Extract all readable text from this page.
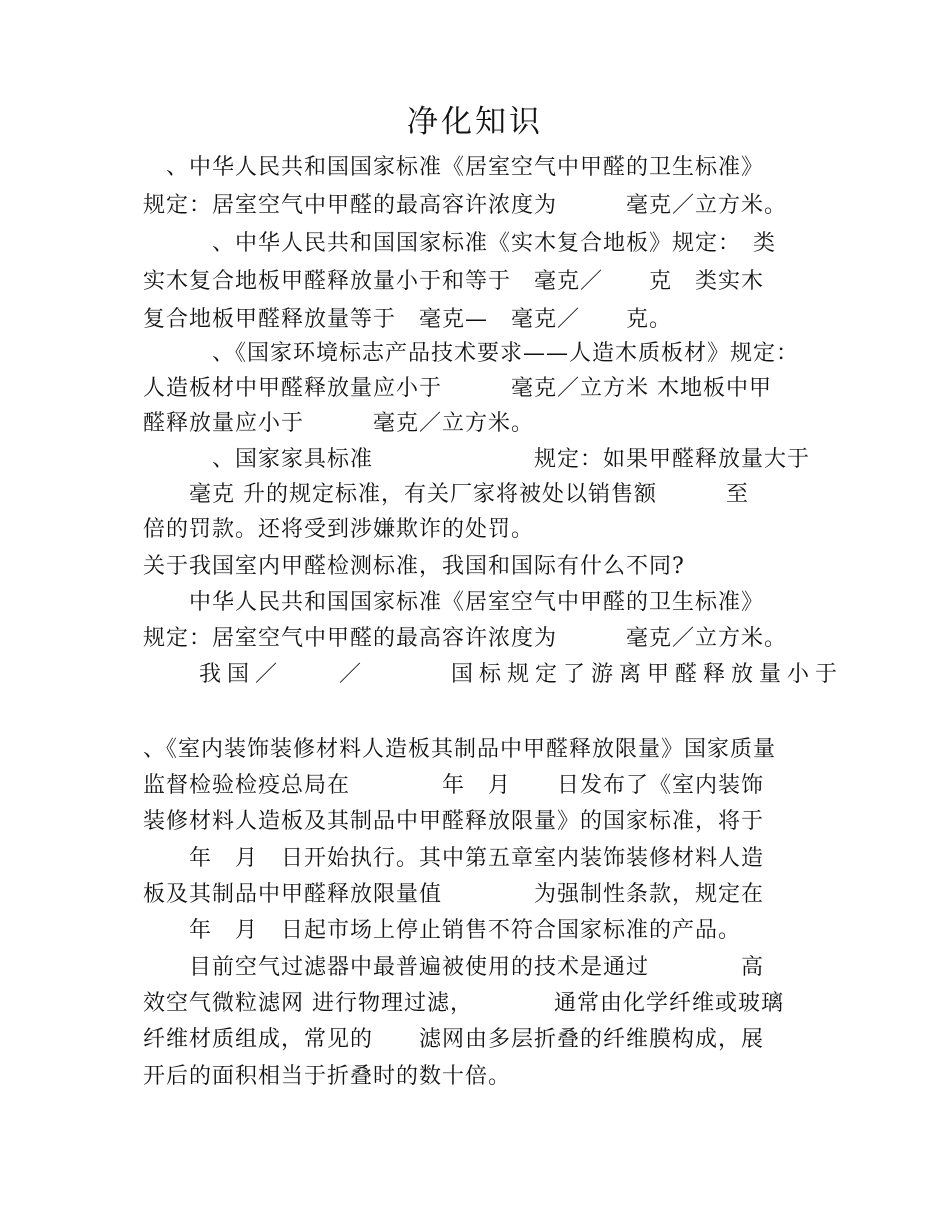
净化知识
　、中华人民共和国国家标准《居室空气中甲醛的卫生标准》
规定：居室空气中甲醛的最高容许浓度为　　　毫克／立方米。
　　　、中华人民共和国国家标准《实木复合地板》规定：　类
实木复合地板甲醛释放量小于和等于　毫克／　　克　类实木
复合地板甲醛释放量等于　毫克—　毫克／　　克。
　　　、《国家环境标志产品技术要求——人造木质板材》规定：
人造板材中甲醛释放量应小于　　　毫克／立方米 木地板中甲
醛释放量应小于　　　毫克／立方米。
　　　、国家家具标准　　　　　　　规定：如果甲醛释放量大于
　　毫克 升的规定标准，有关厂家将被处以销售额　　　至
倍的罚款。还将受到涉嫌欺诈的处罚。
关于我国室内甲醛检测标准，我国和国际有什么不同?
　　中华人民共和国国家标准《居室空气中甲醛的卫生标准》
规定：居室空气中甲醛的最高容许浓度为　　　毫克／立方米。
　　我国／　　／　　　国标规定了游离甲醛释放量小于
、《室内装饰装修材料人造板其制品中甲醛释放限量》国家质量
监督检验检疫总局在　　　　年　月　　日发布了《室内装饰
装修材料人造板及其制品中甲醛释放限量》的国家标准，将于
　　年　月　日开始执行。其中第五章室内装饰装修材料人造
板及其制品中甲醛释放限量值　　　　为强制性条款，规定在
　　年　月　日起市场上停止销售不符合国家标准的产品。
　　目前空气过滤器中最普遍被使用的技术是通过　　　　高
效空气微粒滤网 进行物理过滤，　　　　通常由化学纤维或玻璃
纤维材质组成，常见的　　滤网由多层折叠的纤维膜构成，展
开后的面积相当于折叠时的数十倍。
